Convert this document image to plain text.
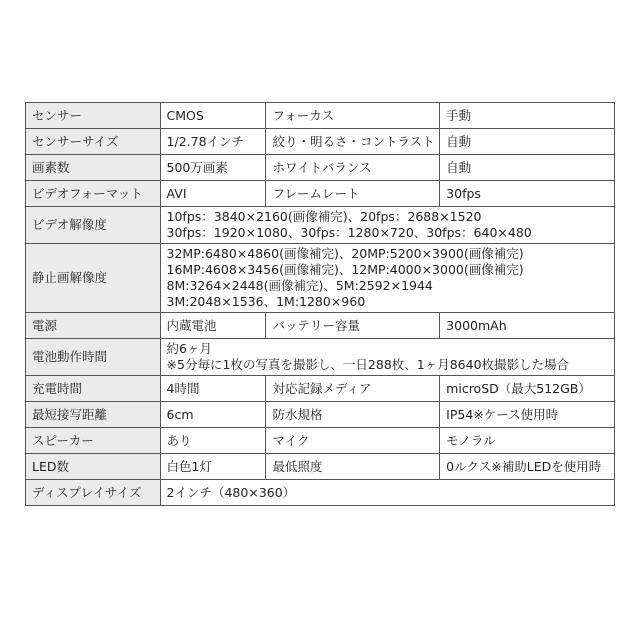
センサー	CMOS	フォーカス	手動
センサーサイズ	1/2.78インチ	絞り・明るさ・コントラスト	自動
画素数	500万画素	ホワイトバランス	自動
ビデオフォーマット	AVI	フレームレート	30fps
ビデオ解像度	10fps：3840×2160(画像補完)、20fps：2688×1520
30fps：1920×1080、30fps：1280×720、30fps：640×480		

静止画解像度	32MP:6480×4860(画像補完)、20MP:5200×3900(画像補完)
16MP:4608×3456(画像補完)、12MP:4000×3000(画像補完)
8M:3264×2448(画像補完)、5M:2592×1944
3M:2048×1536、1M:1280×960		

電源	内蔵電池	バッテリー容量	3000mAh
電池動作時間	約6ヶ月
※5分毎に1枚の写真を撮影し、一日288枚、1ヶ月8640枚撮影した場合		

充電時間	4時間	対応記録メディア	microSD（最大512GB）
最短接写距離	6cm	防水規格	IP54※ケース使用時
スピーカー	あり	マイク	モノラル
LED数	白色1灯	最低照度	0ルクス※補助LEDを使用時
ディスプレイサイズ	2インチ（480×360）		
